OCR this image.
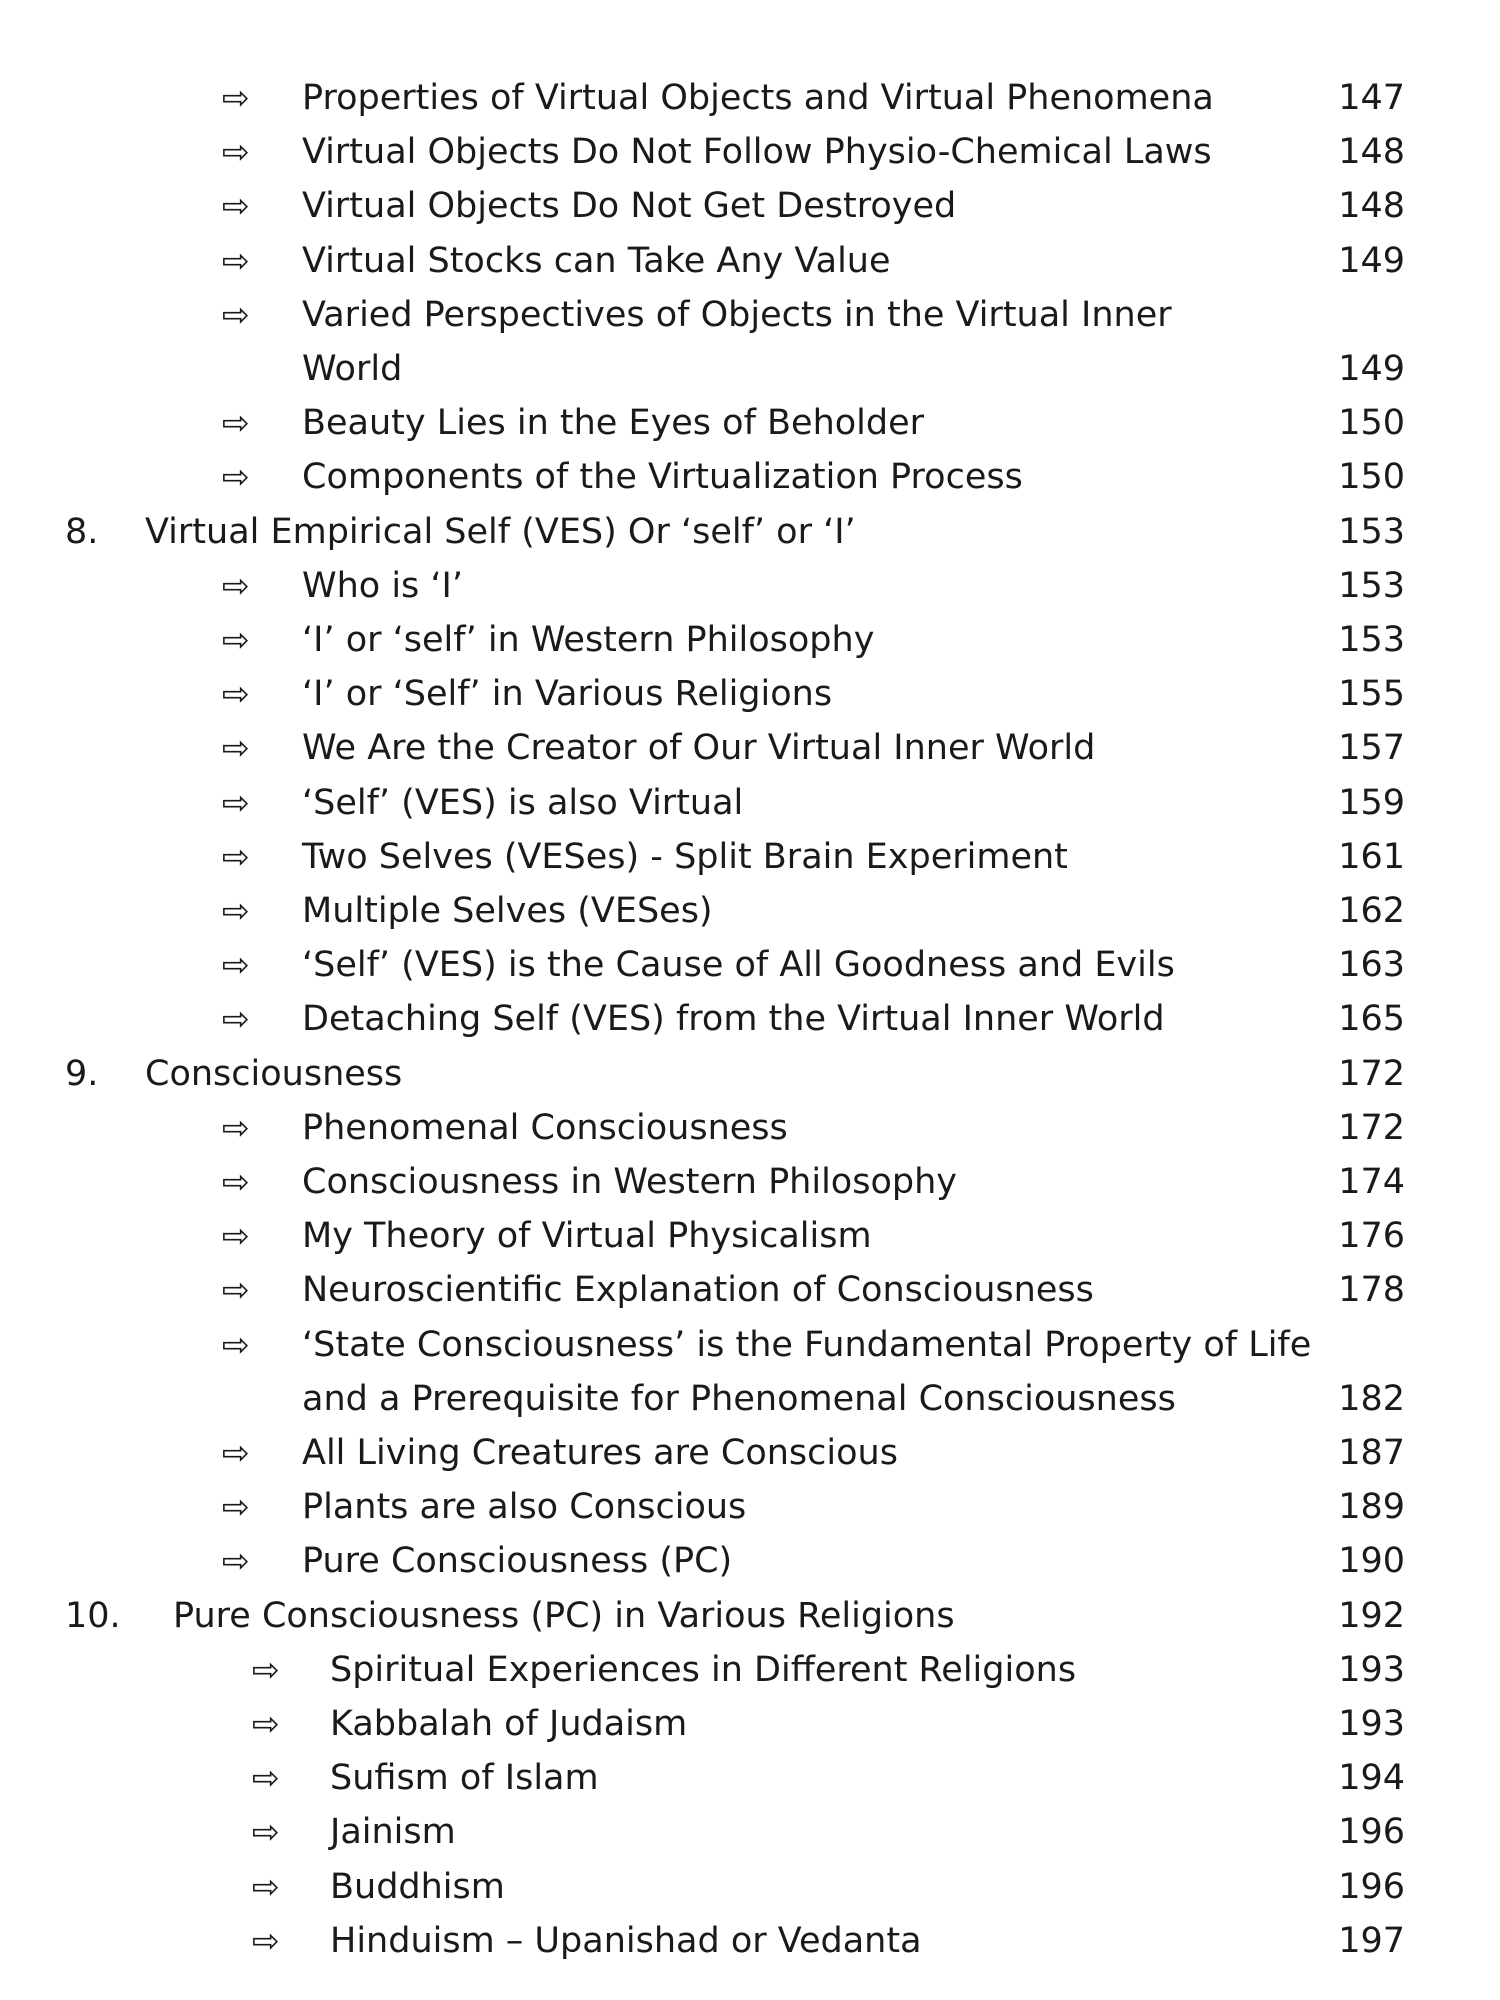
⇨ Properties of Virtual Objects and Virtual Phenomena	147
⇨ Virtual Objects Do Not Follow Physio-Chemical Laws	148
⇨ Virtual Objects Do Not Get Destroyed	148
⇨ Virtual Stocks can Take Any Value	149
⇨ Varied Perspectives of Objects in the Virtual Inner
World	149
⇨ Beauty Lies in the Eyes of Beholder	150
⇨ Components of the Virtualization Process	150
8. Virtual Empirical Self (VES) Or ‘self’ or ‘I’	153
⇨ Who is ‘I’	153
⇨ ‘I’ or ‘self’ in Western Philosophy	153
⇨ ‘I’ or ‘Self’ in Various Religions	155
⇨ We Are the Creator of Our Virtual Inner World	157
⇨ ‘Self’ (VES) is also Virtual	159
⇨ Two Selves (VESes) - Split Brain Experiment	161
⇨ Multiple Selves (VESes)	162
⇨ ‘Self’ (VES) is the Cause of All Goodness and Evils	163
⇨ Detaching Self (VES) from the Virtual Inner World	165
9. Consciousness	172
⇨ Phenomenal Consciousness	172
⇨ Consciousness in Western Philosophy	174
⇨ My Theory of Virtual Physicalism	176
⇨ Neuroscientific Explanation of Consciousness	178
⇨ ‘State Consciousness’ is the Fundamental Property of Life
and a Prerequisite for Phenomenal Consciousness	182
⇨ All Living Creatures are Conscious	187
⇨ Plants are also Conscious	189
⇨ Pure Consciousness (PC)	190
10. Pure Consciousness (PC) in Various Religions	192
⇨ Spiritual Experiences in Different Religions	193
⇨ Kabbalah of Judaism	193
⇨ Sufism of Islam	194
⇨ Jainism	196
⇨ Buddhism	196
⇨ Hinduism – Upanishad or Vedanta	197
